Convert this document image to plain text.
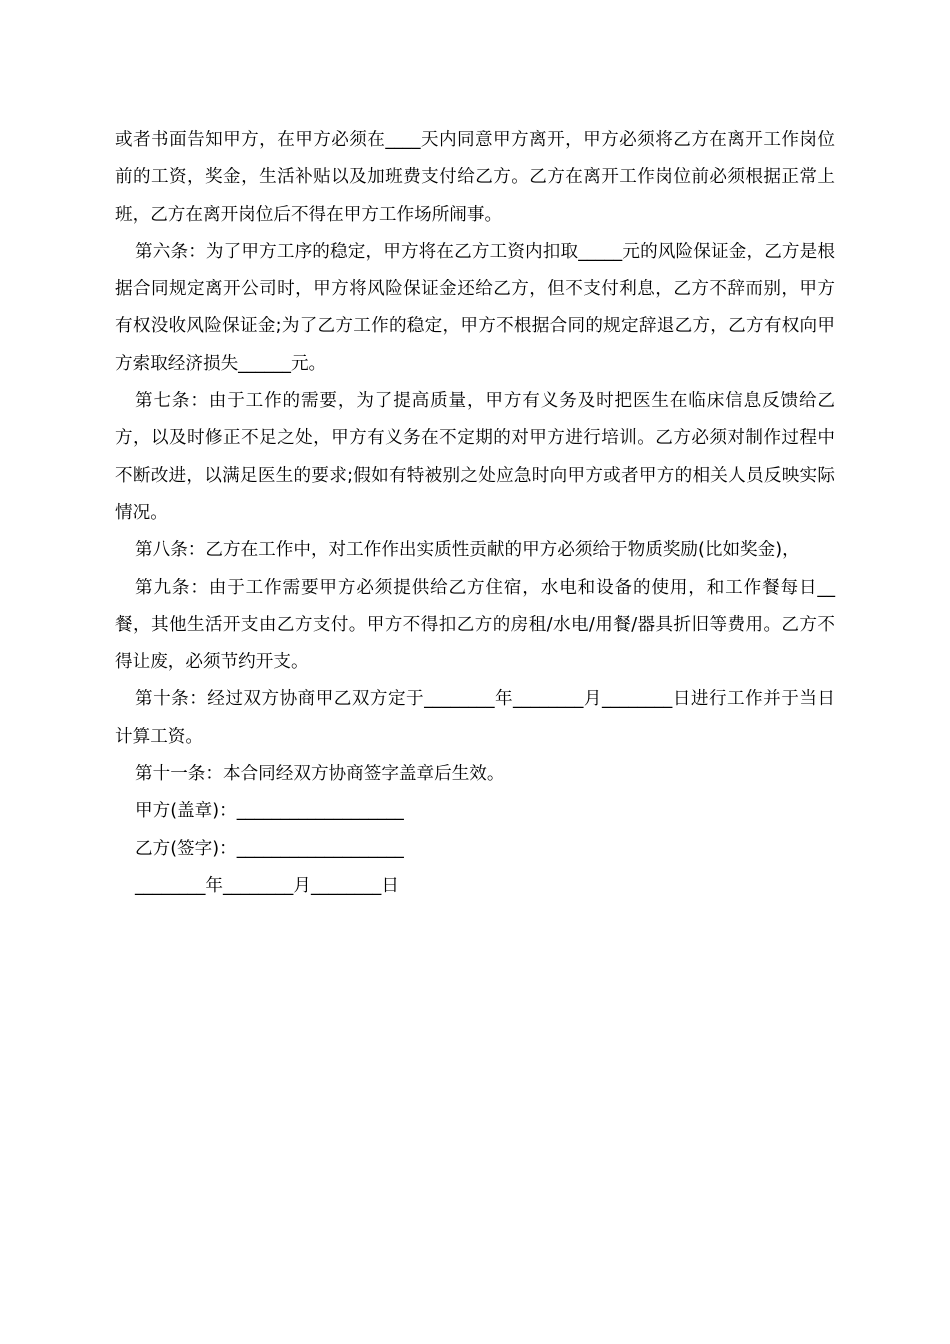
或者书面告知甲方，在甲方必须在____天内同意甲方离开，甲方必须将乙方在离开工作岗位前的工资，奖金，生活补贴以及加班费支付给乙方。乙方在离开工作岗位前必须根据正常上班，乙方在离开岗位后不得在甲方工作场所闹事。

第六条：为了甲方工序的稳定，甲方将在乙方工资内扣取_____元的风险保证金，乙方是根据合同规定离开公司时，甲方将风险保证金还给乙方，但不支付利息，乙方不辞而别，甲方有权没收风险保证金;为了乙方工作的稳定，甲方不根据合同的规定辞退乙方，乙方有权向甲方索取经济损失______元。

第七条：由于工作的需要，为了提高质量，甲方有义务及时把医生在临床信息反馈给乙方，以及时修正不足之处，甲方有义务在不定期的对甲方进行培训。乙方必须对制作过程中不断改进，以满足医生的要求;假如有特被别之处应急时向甲方或者甲方的相关人员反映实际情况。

第八条：乙方在工作中，对工作作出实质性贡献的甲方必须给于物质奖励(比如奖金)，

第九条：由于工作需要甲方必须提供给乙方住宿，水电和设备的使用，和工作餐每日__餐，其他生活开支由乙方支付。甲方不得扣乙方的房租/水电/用餐/器具折旧等费用。乙方不得让废，必须节约开支。

第十条：经过双方协商甲乙双方定于________年________月________日进行工作并于当日计算工资。

第十一条：本合同经双方协商签字盖章后生效。

甲方(盖章)：___________________

乙方(签字)：___________________

________年________月________日
